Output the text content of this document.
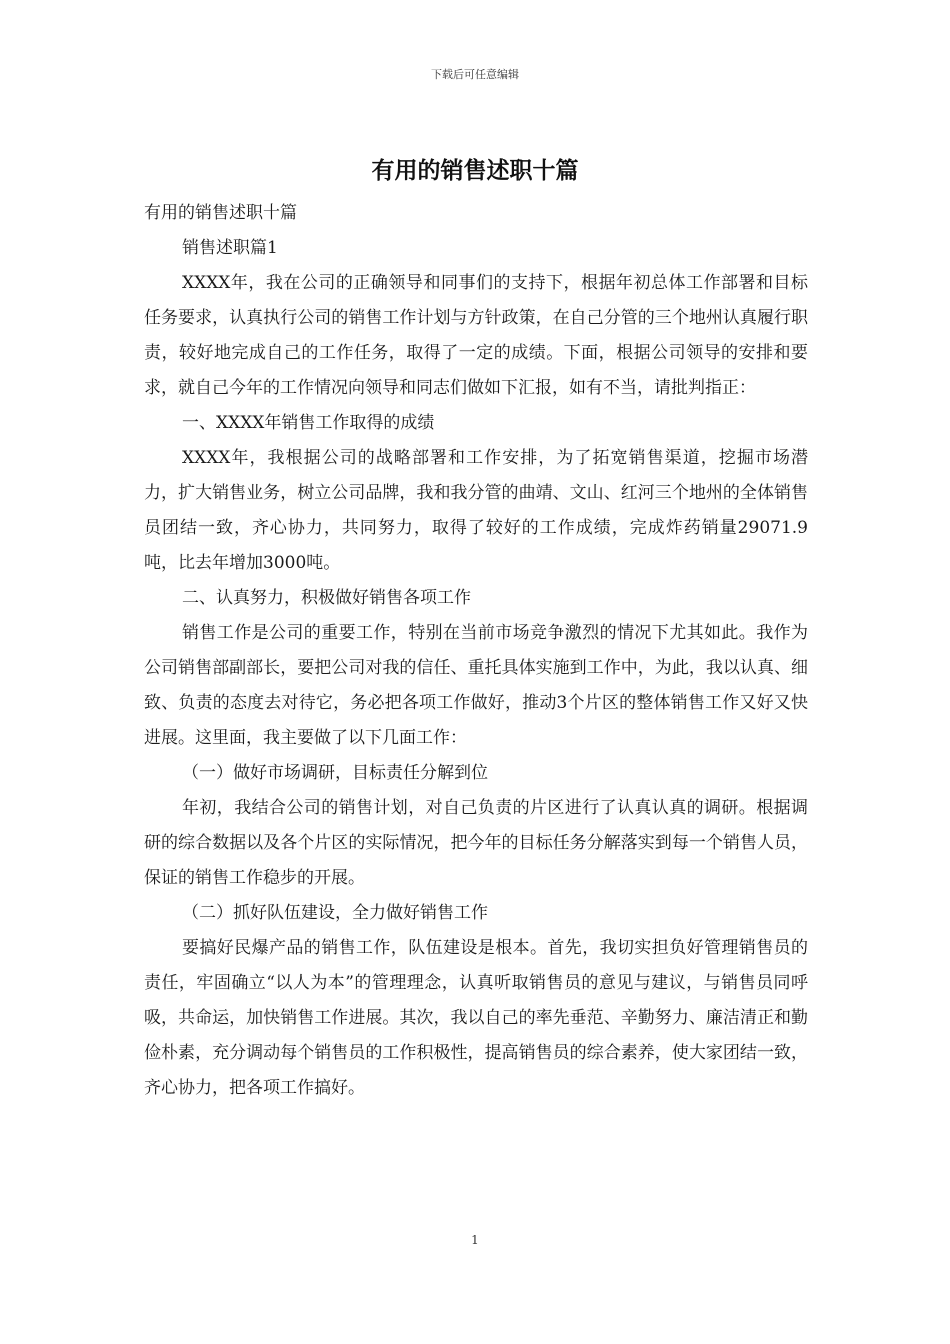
下载后可任意编辑
有用的销售述职十篇

有用的销售述职十篇

销售述职篇1

XXXX年，我在公司的正确领导和同事们的支持下，根据年初总体工作部署和目标任务要求，认真执行公司的销售工作计划与方针政策，在自己分管的三个地州认真履行职责，较好地完成自己的工作任务，取得了一定的成绩。下面，根据公司领导的安排和要求，就自己今年的工作情况向领导和同志们做如下汇报，如有不当，请批判指正：

一、XXXX年销售工作取得的成绩

XXXX年，我根据公司的战略部署和工作安排，为了拓宽销售渠道，挖掘市场潜力，扩大销售业务，树立公司品牌，我和我分管的曲靖、文山、红河三个地州的全体销售员团结一致，齐心协力，共同努力，取得了较好的工作成绩，完成炸药销量29071.9吨，比去年增加3000吨。

二、认真努力，积极做好销售各项工作

销售工作是公司的重要工作，特别在当前市场竞争激烈的情况下尤其如此。我作为公司销售部副部长，要把公司对我的信任、重托具体实施到工作中，为此，我以认真、细致、负责的态度去对待它，务必把各项工作做好，推动3个片区的整体销售工作又好又快进展。这里面，我主要做了以下几面工作：

（一）做好市场调研，目标责任分解到位

年初，我结合公司的销售计划，对自己负责的片区进行了认真认真的调研。根据调研的综合数据以及各个片区的实际情况，把今年的目标任务分解落实到每一个销售人员，保证的销售工作稳步的开展。

（二）抓好队伍建设，全力做好销售工作

要搞好民爆产品的销售工作，队伍建设是根本。首先，我切实担负好管理销售员的责任，牢固确立“以人为本”的管理理念，认真听取销售员的意见与建议，与销售员同呼吸，共命运，加快销售工作进展。其次，我以自己的率先垂范、辛勤努力、廉洁清正和勤俭朴素，充分调动每个销售员的工作积极性，提高销售员的综合素养，使大家团结一致，齐心协力，把各项工作搞好。

1
